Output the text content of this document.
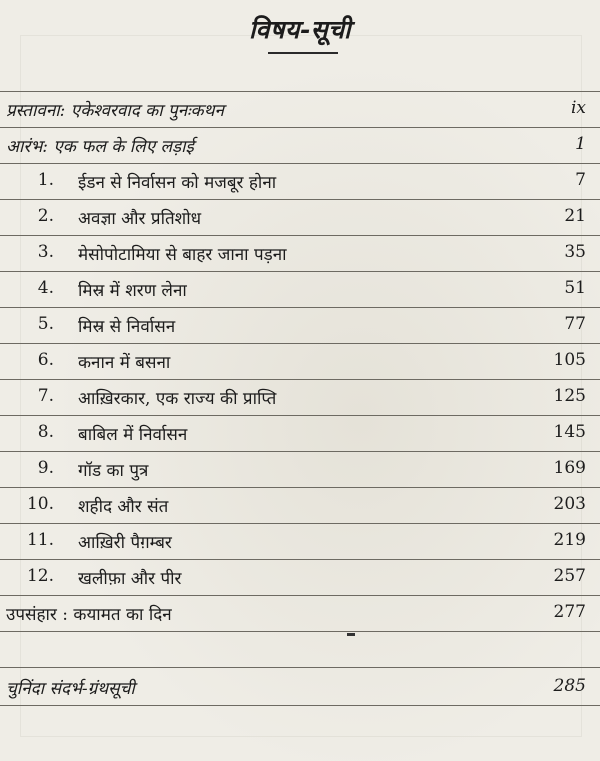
विषय-सूची
प्रस्तावना: एकेश्वरवाद का पुनःकथन	ix
आरंभ: एक फल के लिए लड़ाई	1
1. ईडन से निर्वासन को मजबूर होना	7
2. अवज्ञा और प्रतिशोध	21
3. मेसोपोटामिया से बाहर जाना पड़ना	35
4. मिस्र में शरण लेना	51
5. मिस्र से निर्वासन	77
6. कनान में बसना	105
7. आख़िरकार, एक राज्य की प्राप्ति	125
8. बाबिल में निर्वासन	145
9. गॉड का पुत्र	169
10. शहीद और संत	203
11. आख़िरी पैग़म्बर	219
12. खलीफ़ा और पीर	257
उपसंहार : कयामत का दिन	277
चुनिंदा संदर्भ-ग्रंथसूची	285
